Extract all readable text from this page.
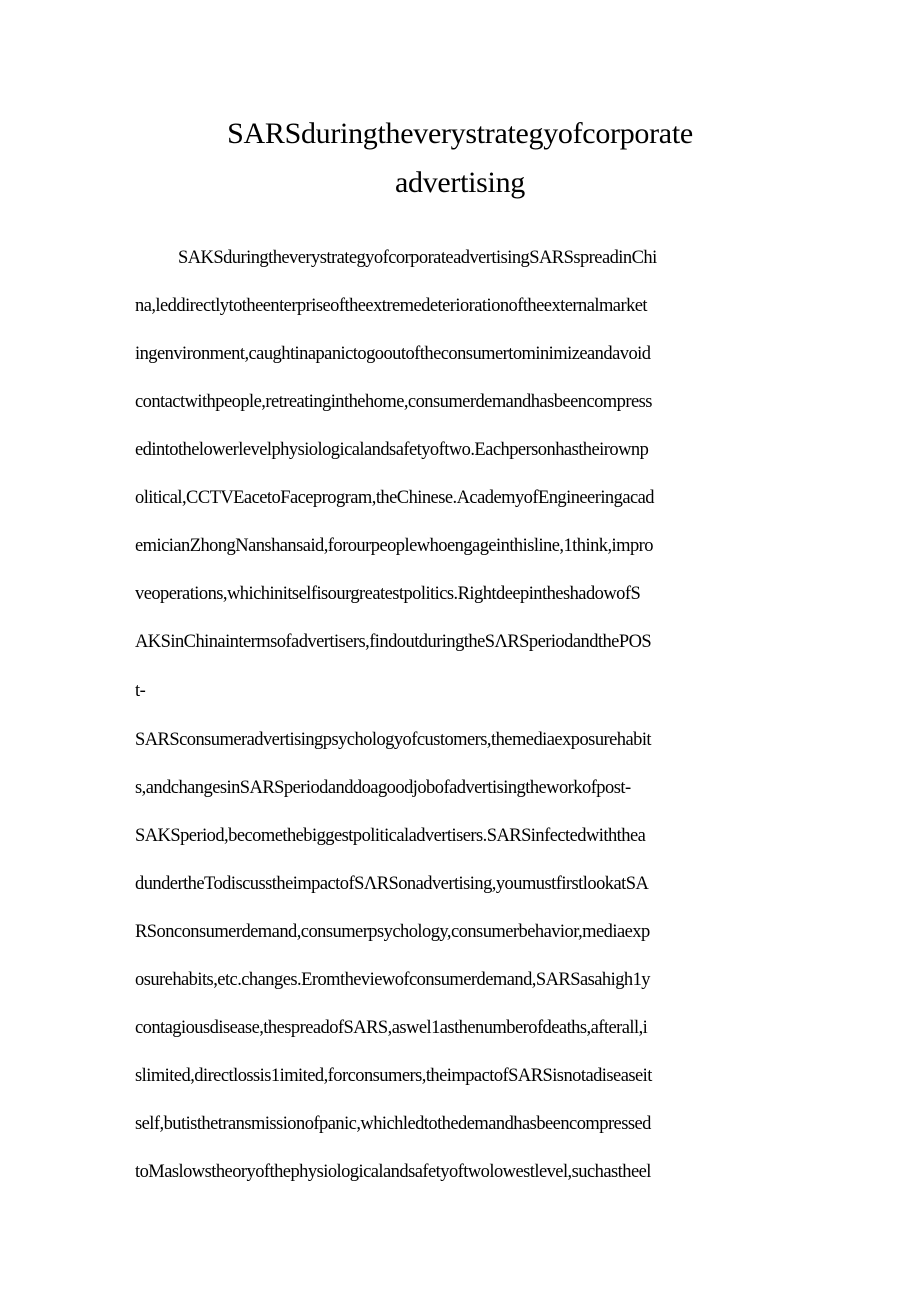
SARSduringtheverystrategyofcorporate
advertising
SAKSduringtheverystrategyofcorporateadvertisingSARSspreadinChi
na,leddirectlytotheenterpriseoftheextremedeteriorationoftheexternalmarket
ingenvironment,caughtinapanictogooutoftheconsumertominimizeandavoid
contactwithpeople,retreatinginthehome,consumerdemandhasbeencompress
edintothelowerlevelphysiologicalandsafetyoftwo.Eachpersonhastheirownp
olitical,CCTVEacetoFaceprogram,theChinese.AcademyofEngineeringacad
emicianZhongNanshansaid,forourpeoplewhoengageinthisline,1think,impro
veoperations,whichinitselfisourgreatestpolitics.RightdeepintheshadowofS
AKSinChinaintermsofadvertisers,findoutduringtheSΛRSperiodandthePOS
t-
SARSconsumeradvertisingpsychologyofcustomers,themediaexposurehabit
s,andchangesinSARSperiodanddoagoodjobofadvertisingtheworkofpost-
SAKSperiod,becomethebiggestpoliticaladvertisers.SARSinfectedwiththea
dundertheTodiscusstheimpactofSΛRSonadvertising,youmustfirstlookatSA
RSonconsumerdemand,consumerpsychology,consumerbehavior,mediaexp
osurehabits,etc.changes.Eromtheviewofconsumerdemand,SARSasahigh1y
contagiousdisease,thespreadofSARS,aswel1asthenumberofdeaths,afterall,i
slimited,directlossis1imited,forconsumers,theimpactofSARSisnotadiseaseit
self,butisthetransmissionofpanic,whichledtothedemandhasbeencompressed
toMaslowstheoryofthephysiologicalandsafetyoftwolowestlevel,suchastheel
